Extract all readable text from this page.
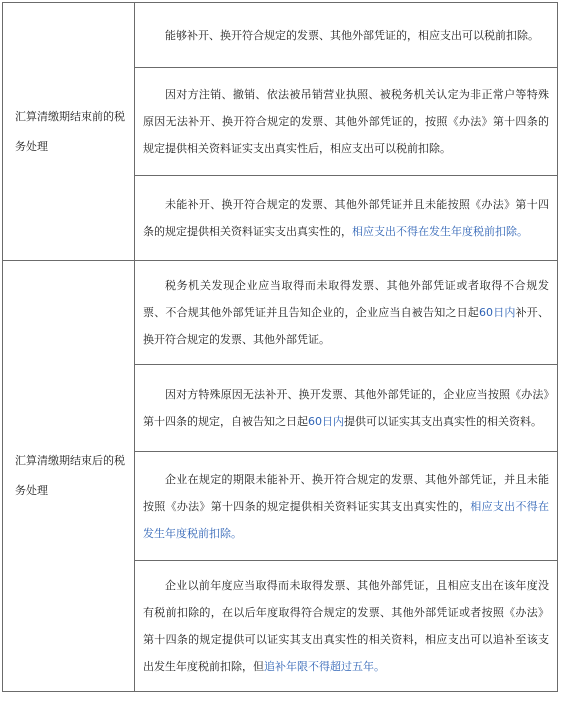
汇算清缴期结束前的税务处理	能够补开、换开符合规定的发票、其他外部凭证的，相应支出可以税前扣除。

	因对方注销、撤销、依法被吊销营业执照、被税务机关认定为非正常户等特殊原因无法补开、换开符合规定的发票、其他外部凭证的，按照《办法》第十四条的规定提供相关资料证实支出真实性后，相应支出可以税前扣除。

	未能补开、换开符合规定的发票、其他外部凭证并且未能按照《办法》第十四条的规定提供相关资料证实支出真实性的，相应支出不得在发生年度税前扣除。

汇算清缴期结束后的税务处理	税务机关发现企业应当取得而未取得发票、其他外部凭证或者取得不合规发票、不合规其他外部凭证并且告知企业的，企业应当自被告知之日起60日内补开、换开符合规定的发票、其他外部凭证。

	因对方特殊原因无法补开、换开发票、其他外部凭证的，企业应当按照《办法》第十四条的规定，自被告知之日起60日内提供可以证实其支出真实性的相关资料。

	企业在规定的期限未能补开、换开符合规定的发票、其他外部凭证，并且未能按照《办法》第十四条的规定提供相关资料证实其支出真实性的，相应支出不得在发生年度税前扣除。

	企业以前年度应当取得而未取得发票、其他外部凭证，且相应支出在该年度没有税前扣除的，在以后年度取得符合规定的发票、其他外部凭证或者按照《办法》第十四条的规定提供可以证实其支出真实性的相关资料，相应支出可以追补至该支出发生年度税前扣除，但追补年限不得超过五年。
